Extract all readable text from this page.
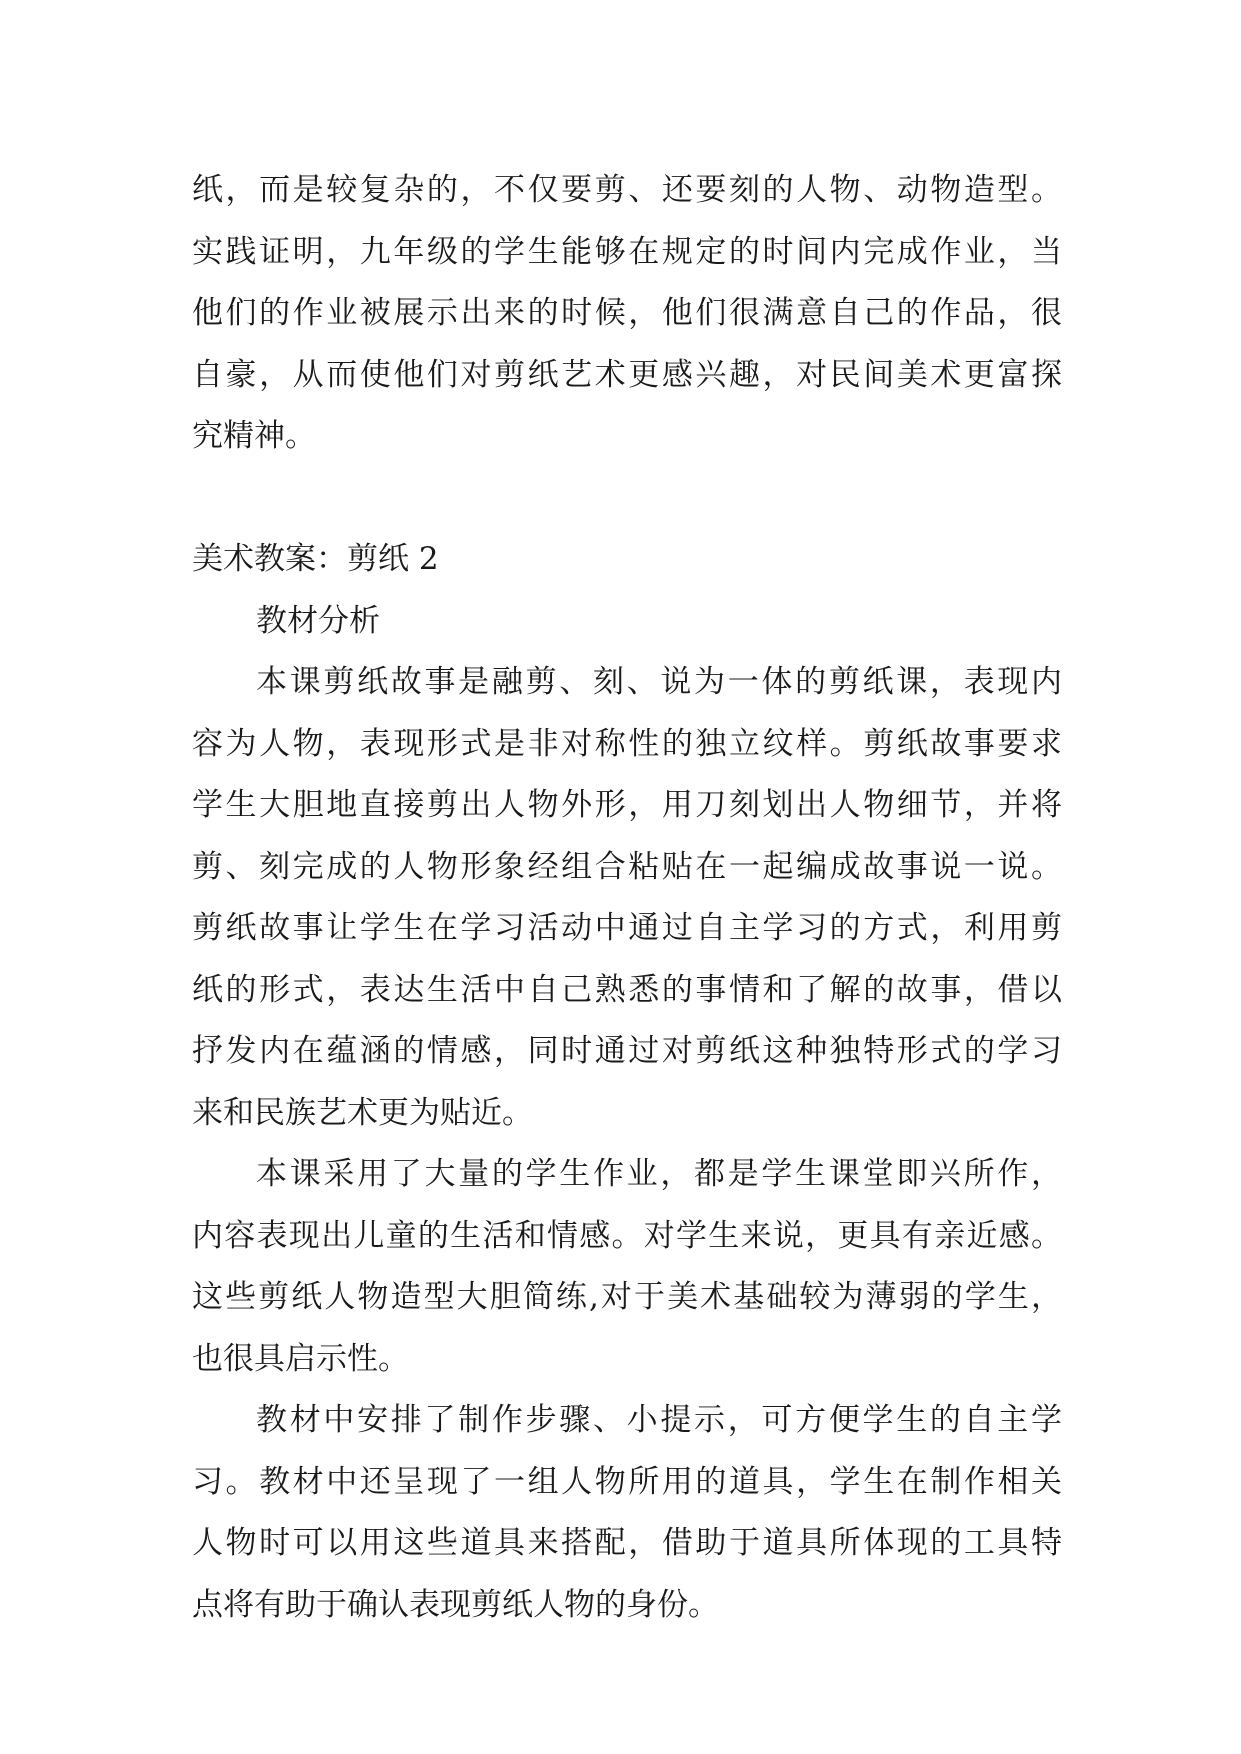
纸，而是较复杂的，不仅要剪、还要刻的人物、动物造型。
实践证明，九年级的学生能够在规定的时间内完成作业，当
他们的作业被展示出来的时候，他们很满意自己的作品，很
自豪，从而使他们对剪纸艺术更感兴趣，对民间美术更富探
究精神。
美术教案：剪纸 2
教材分析
本课剪纸故事是融剪、刻、说为一体的剪纸课，表现内
容为人物，表现形式是非对称性的独立纹样。剪纸故事要求
学生大胆地直接剪出人物外形，用刀刻划出人物细节，并将
剪、刻完成的人物形象经组合粘贴在一起编成故事说一说。
剪纸故事让学生在学习活动中通过自主学习的方式，利用剪
纸的形式，表达生活中自己熟悉的事情和了解的故事，借以
抒发内在蕴涵的情感，同时通过对剪纸这种独特形式的学习
来和民族艺术更为贴近。
本课采用了大量的学生作业，都是学生课堂即兴所作，
内容表现出儿童的生活和情感。对学生来说，更具有亲近感。
这些剪纸人物造型大胆简练,对于美术基础较为薄弱的学生，
也很具启示性。
教材中安排了制作步骤、小提示，可方便学生的自主学
习。教材中还呈现了一组人物所用的道具，学生在制作相关
人物时可以用这些道具来搭配，借助于道具所体现的工具特
点将有助于确认表现剪纸人物的身份。
